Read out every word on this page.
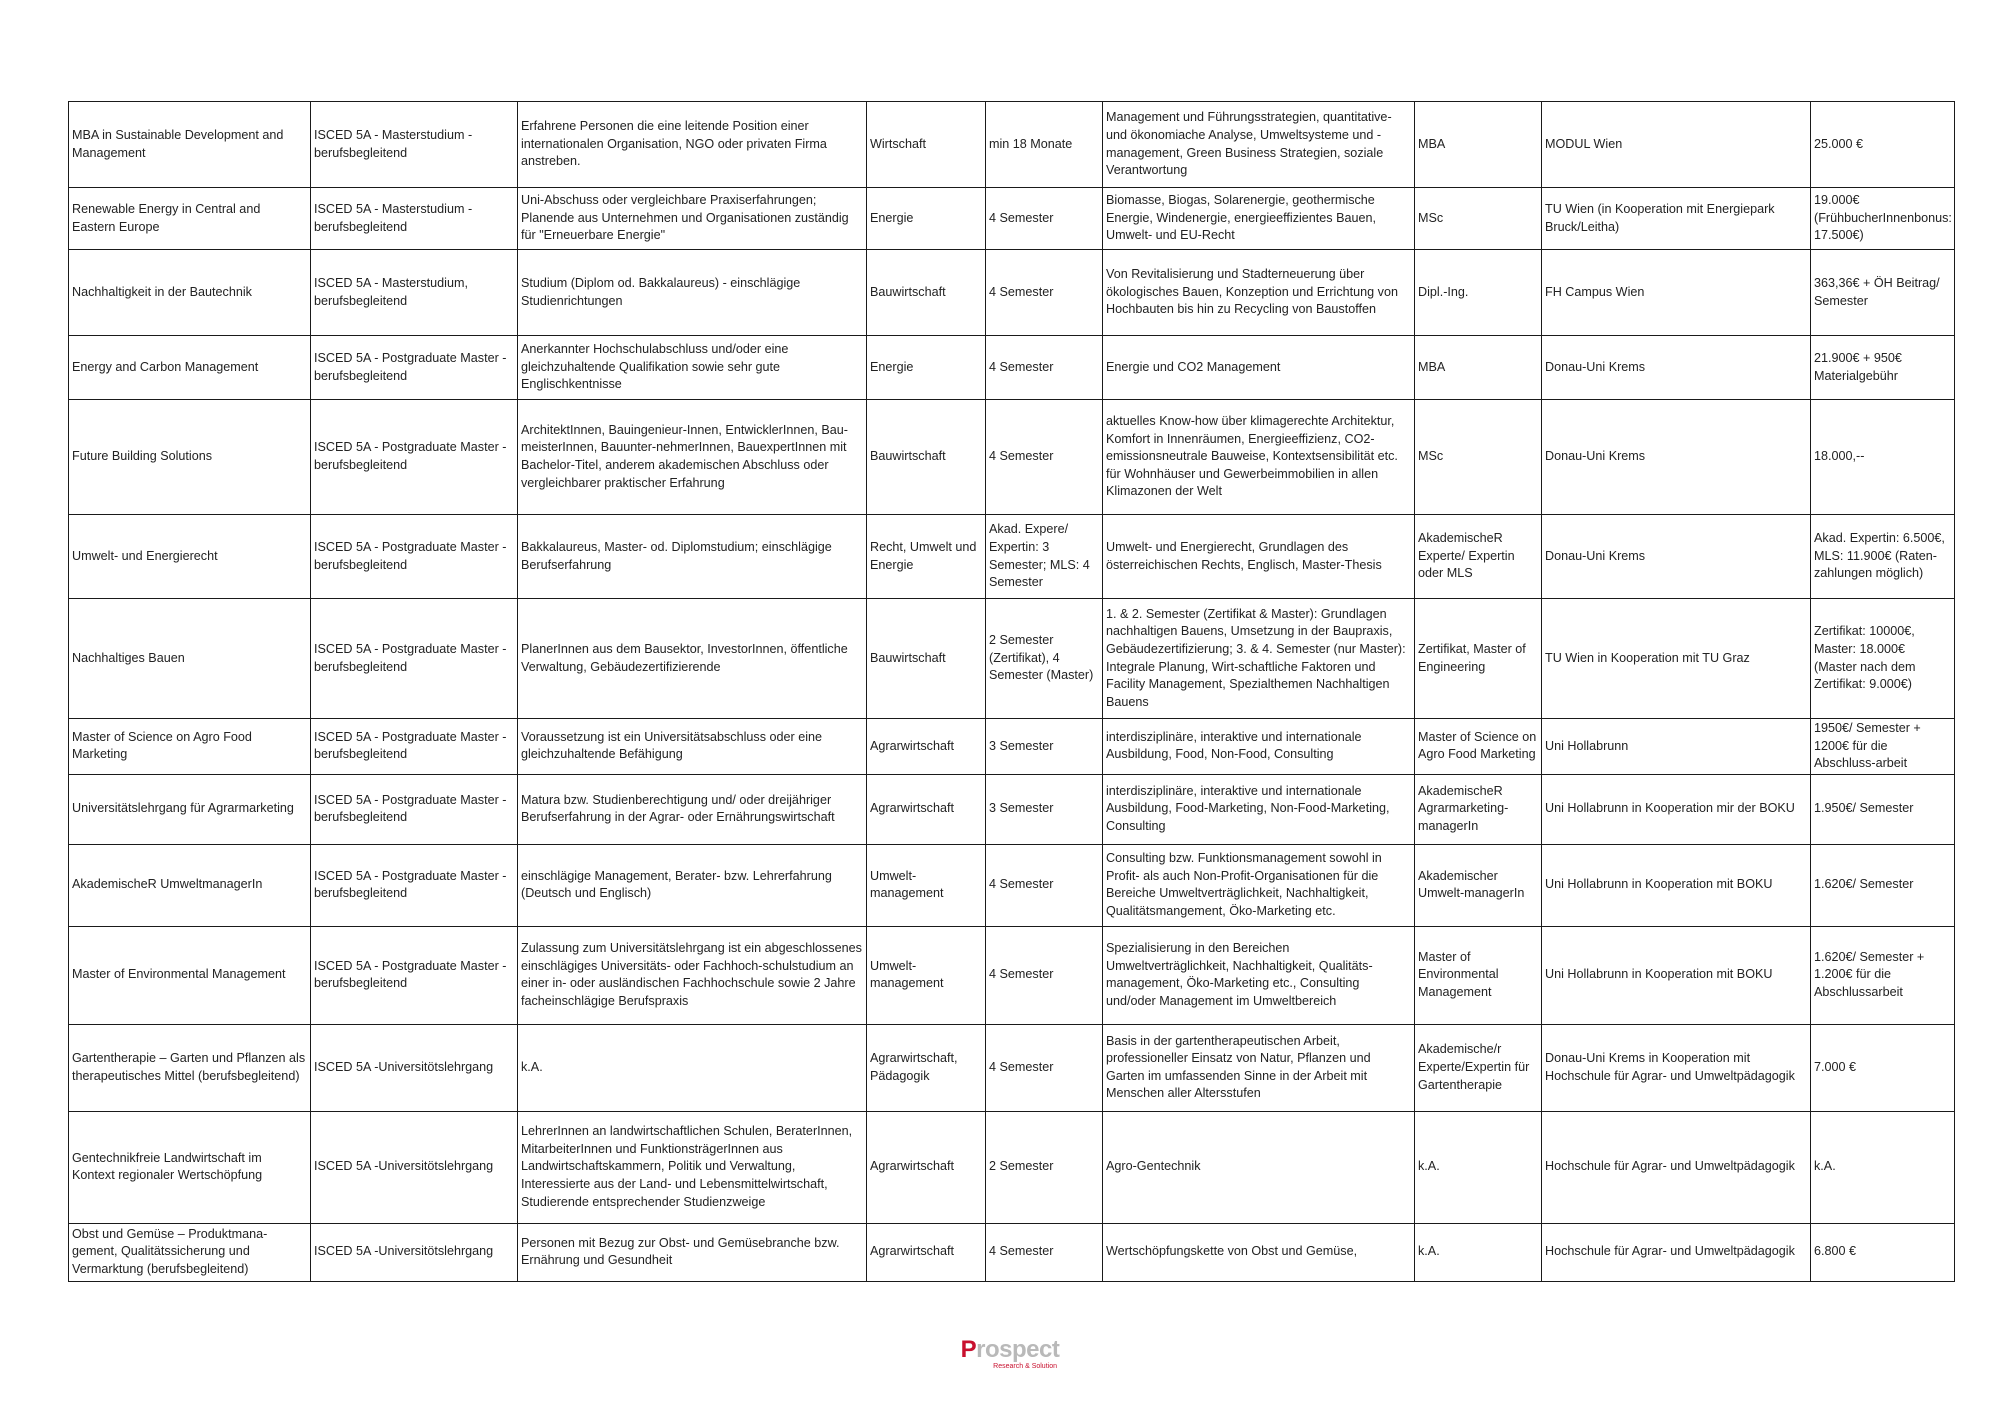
MBA in Sustainable Development and Management	ISCED 5A - Masterstudium - berufsbegleitend	Erfahrene Personen die eine leitende Position einer internationalen Organisation, NGO oder privaten Firma anstreben.	Wirtschaft	min 18 Monate	Management und Führungsstrategien, quantitative- und ökonomiache Analyse, Umweltsysteme und -management, Green Business Strategien, soziale Verantwortung	MBA	MODUL Wien	25.000 €
Renewable Energy in Central and Eastern Europe	ISCED 5A - Masterstudium - berufsbegleitend	Uni-Abschuss oder vergleichbare Praxiserfahrungen; Planende aus Unternehmen und Organisationen zuständig für "Erneuerbare Energie"	Energie	4 Semester	Biomasse, Biogas, Solarenergie, geothermische Energie, Windenergie, energieeffizientes Bauen, Umwelt- und EU-Recht	MSc	TU Wien (in Kooperation mit Energiepark Bruck/Leitha)	19.000€ (FrühbucherInnenbonus: 17.500€)
Nachhaltigkeit in der Bautechnik	ISCED 5A - Masterstudium, berufsbegleitend	Studium (Diplom od. Bakkalaureus) - einschlägige Studienrichtungen	Bauwirtschaft	4 Semester	Von Revitalisierung und Stadterneuerung über ökologisches Bauen, Konzeption und Errichtung von Hochbauten bis hin zu Recycling von Baustoffen	Dipl.-Ing.	FH Campus Wien	363,36€ + ÖH Beitrag/ Semester
Energy and Carbon Management	ISCED 5A - Postgraduate Master - berufsbegleitend	Anerkannter Hochschulabschluss und/oder eine gleichzuhaltende Qualifikation sowie sehr gute Englischkentnisse	Energie	4 Semester	Energie und CO2 Management	MBA	Donau-Uni Krems	21.900€ + 950€ Materialgebühr
Future Building Solutions	ISCED 5A - Postgraduate Master - berufsbegleitend	ArchitektInnen, Bauingenieur-Innen, EntwicklerInnen, Bau-meisterInnen, Bauunter-nehmerInnen, BauexpertInnen mit Bachelor-Titel, anderem akademischen Abschluss oder vergleichbarer praktischer Erfahrung	Bauwirtschaft	4 Semester	aktuelles Know-how über klimagerechte Architektur, Komfort in Innenräumen, Energieeffizienz, CO2-emissionsneutrale Bauweise, Kontextsensibilität etc. für Wohnhäuser und Gewerbeimmobilien in allen Klimazonen der Welt	MSc	Donau-Uni Krems	18.000,--
Umwelt- und Energierecht	ISCED 5A - Postgraduate Master - berufsbegleitend	Bakkalaureus, Master- od. Diplomstudium; einschlägige Berufserfahrung	Recht, Umwelt und Energie	Akad. Expere/ Expertin: 3 Semester; MLS: 4 Semester	Umwelt- und Energierecht, Grundlagen des österreichischen Rechts, Englisch, Master-Thesis	AkademischeR Experte/ Expertin oder MLS	Donau-Uni Krems	Akad. Expertin: 6.500€, MLS: 11.900€ (Raten-zahlungen möglich)
Nachhaltiges Bauen	ISCED 5A - Postgraduate Master - berufsbegleitend	PlanerInnen aus dem Bausektor, InvestorInnen, öffentliche Verwaltung, Gebäudezertifizierende	Bauwirtschaft	2 Semester (Zertifikat), 4 Semester (Master)	1. & 2. Semester (Zertifikat & Master): Grundlagen nachhaltigen Bauens, Umsetzung in der Baupraxis, Gebäudezertifizierung; 3. & 4. Semester (nur Master): Integrale Planung, Wirt-schaftliche Faktoren und Facility Management, Spezialthemen Nachhaltigen Bauens	Zertifikat, Master of Engineering	TU Wien in Kooperation mit TU Graz	Zertifikat: 10000€, Master: 18.000€ (Master nach dem Zertifikat: 9.000€)
Master of Science on Agro Food Marketing	ISCED 5A - Postgraduate Master - berufsbegleitend	Voraussetzung ist ein Universitätsabschluss oder eine gleichzuhaltende Befähigung	Agrarwirtschaft	3 Semester	interdisziplinäre, interaktive und internationale Ausbildung, Food, Non-Food, Consulting	Master of Science on Agro Food Marketing	Uni Hollabrunn	1950€/ Semester + 1200€ für die Abschluss-arbeit
Universitätslehrgang für Agrarmarketing	ISCED 5A - Postgraduate Master - berufsbegleitend	Matura bzw. Studienberechtigung und/ oder dreijähriger Berufserfahrung in der Agrar- oder Ernährungswirtschaft	Agrarwirtschaft	3 Semester	interdisziplinäre, interaktive und internationale Ausbildung, Food-Marketing, Non-Food-Marketing, Consulting	AkademischeR Agrarmarketing-managerIn	Uni Hollabrunn in Kooperation mir der BOKU	1.950€/ Semester
AkademischeR UmweltmanagerIn	ISCED 5A - Postgraduate Master - berufsbegleitend	einschlägige Management, Berater- bzw. Lehrerfahrung (Deutsch und Englisch)	Umwelt-management	4 Semester	Consulting bzw. Funktionsmanagement sowohl in Profit- als auch Non-Profit-Organisationen für die Bereiche Umweltverträglichkeit, Nachhaltigkeit, Qualitätsmangement, Öko-Marketing etc.	Akademischer Umwelt-managerIn	Uni Hollabrunn in Kooperation mit BOKU	1.620€/ Semester
Master of Environmental Management	ISCED 5A - Postgraduate Master - berufsbegleitend	Zulassung zum Universitätslehrgang ist ein abgeschlossenes einschlägiges Universitäts- oder Fachhoch-schulstudium an einer in- oder ausländischen Fachhochschule sowie 2 Jahre facheinschlägige Berufspraxis	Umwelt-management	4 Semester	Spezialisierung in den Bereichen Umweltverträglichkeit, Nachhaltigkeit, Qualitäts-management, Öko-Marketing etc., Consulting und/oder Management im Umweltbereich	Master of Environmental Management	Uni Hollabrunn in Kooperation mit BOKU	1.620€/ Semester + 1.200€ für die Abschlussarbeit
Gartentherapie – Garten und Pflanzen als therapeutisches Mittel (berufsbegleitend)	ISCED 5A -Universitötslehrgang	k.A.	Agrarwirtschaft, Pädagogik	4 Semester	Basis in der gartentherapeutischen Arbeit, professioneller Einsatz von Natur, Pflanzen und Garten im umfassenden Sinne in der Arbeit mit Menschen aller Altersstufen	Akademische/r Experte/Expertin für Gartentherapie	Donau-Uni Krems in Kooperation mit Hochschule für Agrar- und Umweltpädagogik	7.000 €
Gentechnikfreie Landwirtschaft im Kontext regionaler Wertschöpfung	ISCED 5A -Universitötslehrgang	LehrerInnen an landwirtschaftlichen Schulen, BeraterInnen, MitarbeiterInnen und FunktionsträgerInnen aus Landwirtschaftskammern, Politik und Verwaltung, Interessierte aus der Land- und Lebensmittelwirtschaft, Studierende entsprechender Studienzweige	Agrarwirtschaft	2 Semester	Agro-Gentechnik	k.A.	Hochschule für Agrar- und Umweltpädagogik	k.A.
Obst und Gemüse – Produktmana-gement, Qualitätssicherung und Vermarktung (berufsbegleitend)	ISCED 5A -Universitötslehrgang	Personen mit Bezug zur Obst- und Gemüsebranche bzw. Ernährung und Gesundheit	Agrarwirtschaft	4 Semester	Wertschöpfungskette von Obst und Gemüse,	k.A.	Hochschule für Agrar- und Umweltpädagogik	6.800 €
Prospect
Research & Solution
